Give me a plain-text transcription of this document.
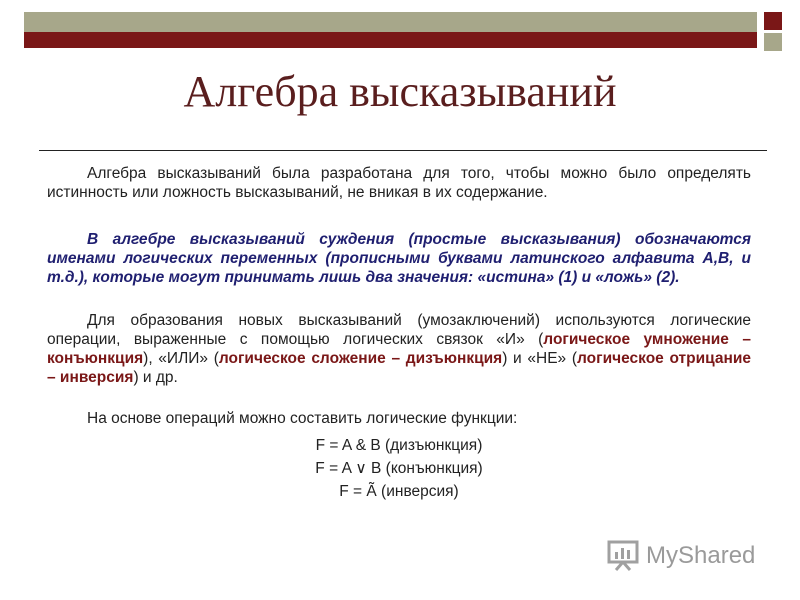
Алгебра высказываний

Алгебра высказываний была разработана для того, чтобы можно было определять истинность или ложность высказываний, не вникая в их содержание.

В алгебре высказываний суждения (простые высказывания) обозначаются именами логических переменных (прописными буквами латинского алфавита А,В, и т.д.), которые могут принимать лишь два значения: «истина» (1) и «ложь» (2).

Для образования новых высказываний (умозаключений) используются логические операции, выраженные с помощью логических связок «И» (логическое умножение – конъюнкция), «ИЛИ» (логическое сложение – дизъюнкция) и «НЕ» (логическое отрицание – инверсия) и др.

На основе операций можно составить логические функции:

F = A & B (дизъюнкция)

F = A ∨ B (конъюнкция)

F = Ã (инверсия)

MyShared
